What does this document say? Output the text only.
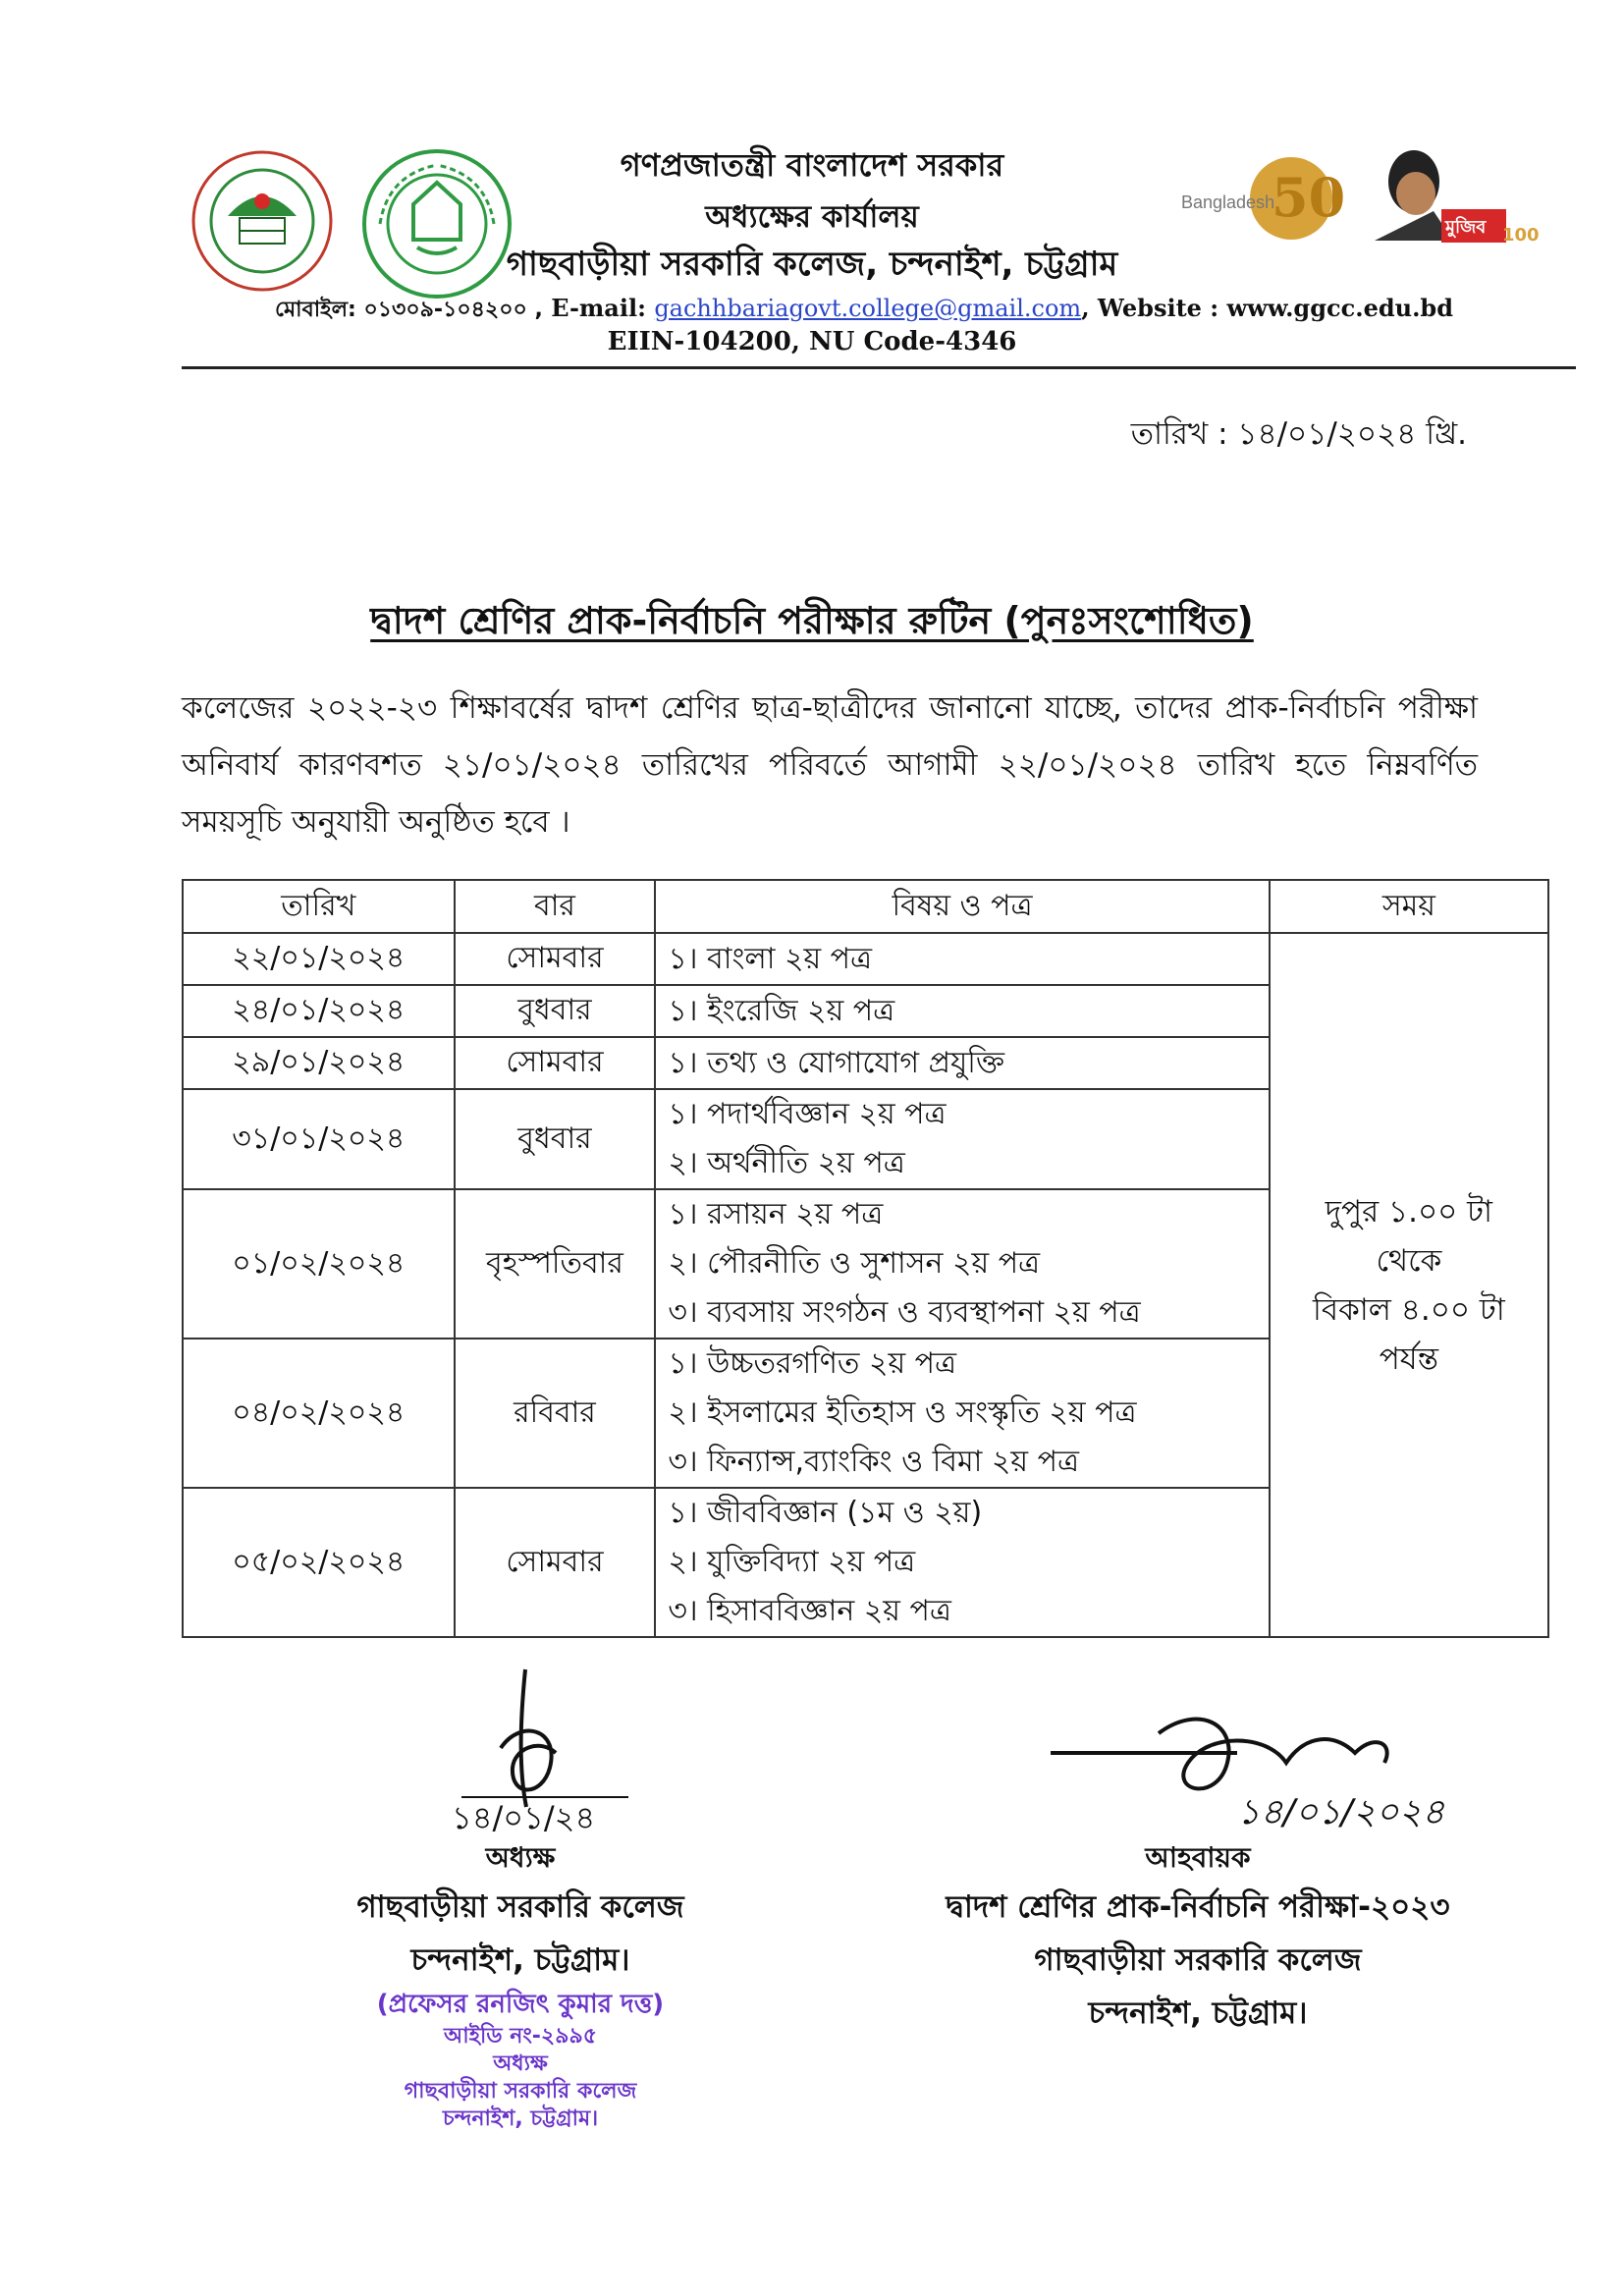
50
Bangladesh
মুজিব 100
গণপ্রজাতন্ত্রী বাংলাদেশ সরকার
অধ্যক্ষের কার্যালয়
গাছবাড়ীয়া সরকারি কলেজ, চন্দনাইশ, চট্টগ্রাম
মোবাইল: ০১৩০৯-১০৪২০০ , E-mail: gachhbariagovt.college@gmail.com, Website : www.ggcc.edu.bd
EIIN-104200, NU Code-4346
তারিখ : ১৪/০১/২০২৪ খ্রি.
দ্বাদশ শ্রেণির প্রাক-নির্বাচনি পরীক্ষার রুটিন (পুনঃসংশোধিত)
কলেজের ২০২২-২৩ শিক্ষাবর্ষের দ্বাদশ শ্রেণির ছাত্র-ছাত্রীদের জানানো যাচ্ছে, তাদের প্রাক-নির্বাচনি পরীক্ষা অনিবার্য কারণবশত ২১/০১/২০২৪ তারিখের পরিবর্তে আগামী ২২/০১/২০২৪ তারিখ হতে নিম্নবর্ণিত সময়সূচি অনুযায়ী অনুষ্ঠিত হবে ।
তারিখ	বার	বিষয় ও পত্র	সময়
২২/০১/২০২৪	সোমবার	১। বাংলা ২য় পত্র	দুপুর ১.০০ টা
থেকে
বিকাল ৪.০০ টা
পর্যন্ত

২৪/০১/২০২৪	বুধবার	১। ইংরেজি ২য় পত্র	

২৯/০১/২০২৪	সোমবার	১। তথ্য ও যোগাযোগ প্রযুক্তি	

৩১/০১/২০২৪	বুধবার	১। পদার্থবিজ্ঞান ২য় পত্র
২। অর্থনীতি ২য় পত্র	

০১/০২/২০২৪	বৃহস্পতিবার	১। রসায়ন ২য় পত্র
২। পৌরনীতি ও সুশাসন ২য় পত্র
৩। ব্যবসায় সংগঠন ও ব্যবস্থাপনা ২য় পত্র	

০৪/০২/২০২৪	রবিবার	১। উচ্চতরগণিত ২য় পত্র
২। ইসলামের ইতিহাস ও সংস্কৃতি ২য় পত্র
৩। ফিন্যান্স,ব্যাংকিং ও বিমা ২য় পত্র	

০৫/০২/২০২৪	সোমবার	১। জীববিজ্ঞান (১ম ও ২য়)
২। যুক্তিবিদ্যা ২য় পত্র
৩। হিসাববিজ্ঞান ২য় পত্র	
১৪/০১/২৪	১৪/০১/২০২৪
অধ্যক্ষ
গাছবাড়ীয়া সরকারি কলেজ
চন্দনাইশ, চট্টগ্রাম।
(প্রফেসর রনজিৎ কুমার দত্ত)
আইডি নং-২৯৯৫
অধ্যক্ষ
গাছবাড়ীয়া সরকারি কলেজ
চন্দনাইশ, চট্টগ্রাম।
আহবায়ক
দ্বাদশ শ্রেণির প্রাক-নির্বাচনি পরীক্ষা-২০২৩
গাছবাড়ীয়া সরকারি কলেজ
চন্দনাইশ, চট্টগ্রাম।
